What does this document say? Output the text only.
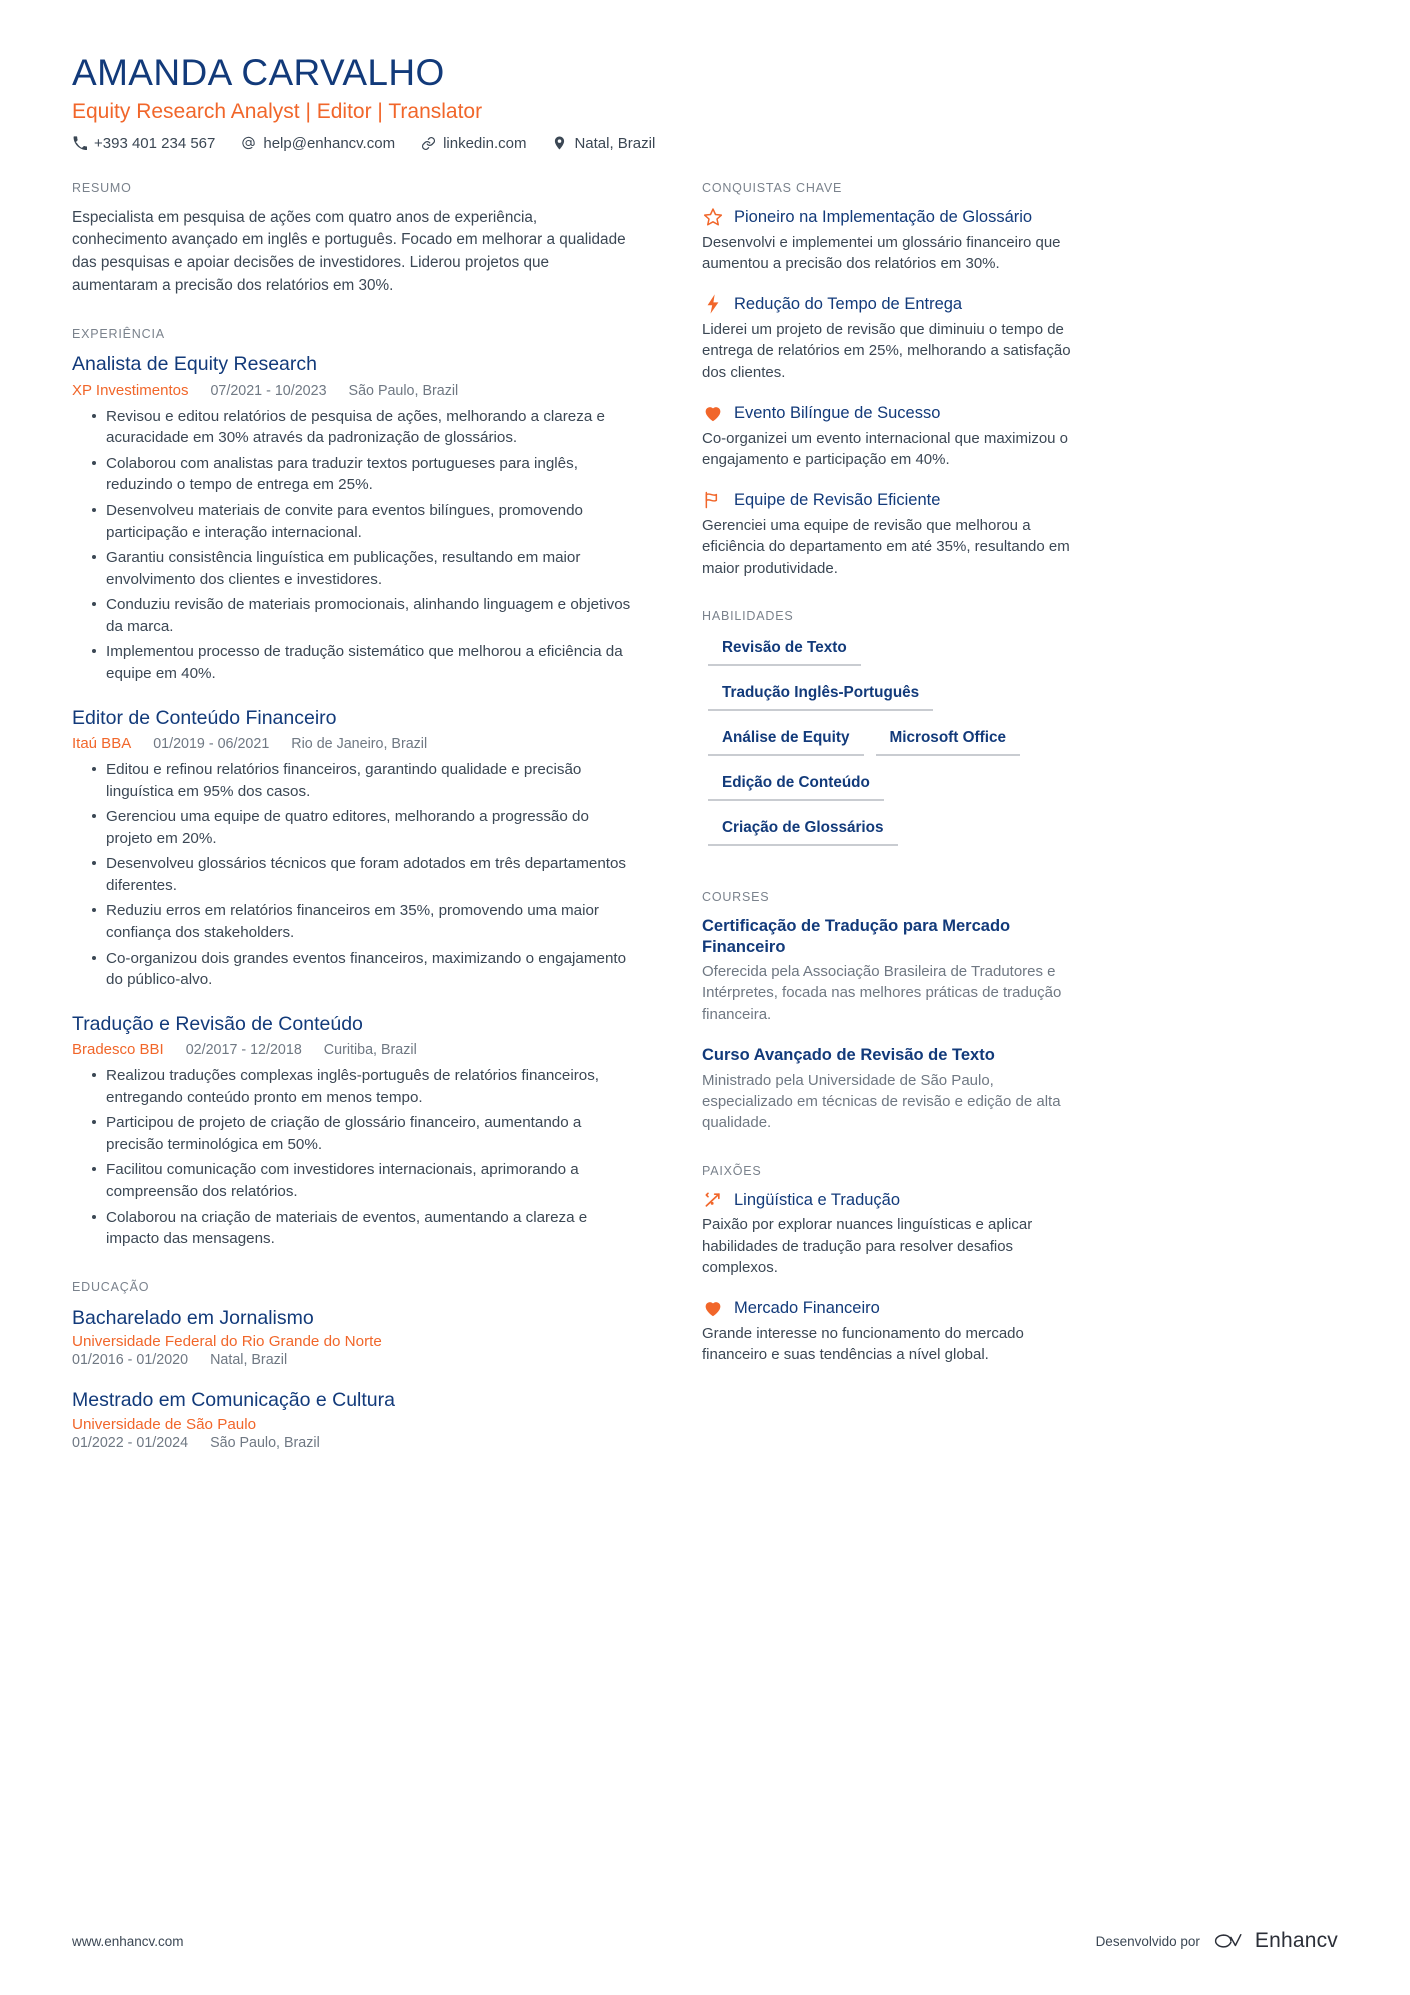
AMANDA CARVALHO
Equity Research Analyst | Editor | Translator
+393 401 234 567	help@enhancv.com	linkedin.com	Natal, Brazil
RESUMO

Especialista em pesquisa de ações com quatro anos de experiência, conhecimento avançado em inglês e português. Focado em melhorar a qualidade das pesquisas e apoiar decisões de investidores. Liderou projetos que aumentaram a precisão dos relatórios em 30%.

EXPERIÊNCIA
Analista de Equity Research
XP Investimentos 07/2021 - 10/2023 São Paulo, Brazil
Revisou e editou relatórios de pesquisa de ações, melhorando a clareza e acuracidade em 30% através da padronização de glossários.
Colaborou com analistas para traduzir textos portugueses para inglês, reduzindo o tempo de entrega em 25%.
Desenvolveu materiais de convite para eventos bilíngues, promovendo participação e interação internacional.
Garantiu consistência linguística em publicações, resultando em maior envolvimento dos clientes e investidores.
Conduziu revisão de materiais promocionais, alinhando linguagem e objetivos da marca.
Implementou processo de tradução sistemático que melhorou a eficiência da equipe em 40%.
Editor de Conteúdo Financeiro
Itaú BBA 01/2019 - 06/2021 Rio de Janeiro, Brazil
Editou e refinou relatórios financeiros, garantindo qualidade e precisão linguística em 95% dos casos.
Gerenciou uma equipe de quatro editores, melhorando a progressão do projeto em 20%.
Desenvolveu glossários técnicos que foram adotados em três departamentos diferentes.
Reduziu erros em relatórios financeiros em 35%, promovendo uma maior confiança dos stakeholders.
Co-organizou dois grandes eventos financeiros, maximizando o engajamento do público-alvo.
Tradução e Revisão de Conteúdo
Bradesco BBI 02/2017 - 12/2018 Curitiba, Brazil
Realizou traduções complexas inglês-português de relatórios financeiros, entregando conteúdo pronto em menos tempo.
Participou de projeto de criação de glossário financeiro, aumentando a precisão terminológica em 50%.
Facilitou comunicação com investidores internacionais, aprimorando a compreensão dos relatórios.
Colaborou na criação de materiais de eventos, aumentando a clareza e impacto das mensagens.
EDUCAÇÃO
Bacharelado em Jornalismo
Universidade Federal do Rio Grande do Norte
01/2016 - 01/2020 Natal, Brazil
Mestrado em Comunicação e Cultura
Universidade de São Paulo
01/2022 - 01/2024 São Paulo, Brazil
CONQUISTAS CHAVE
Pioneiro na Implementação de Glossário

Desenvolvi e implementei um glossário financeiro que aumentou a precisão dos relatórios em 30%.

Redução do Tempo de Entrega

Liderei um projeto de revisão que diminuiu o tempo de entrega de relatórios em 25%, melhorando a satisfação dos clientes.

Evento Bilíngue de Sucesso

Co-organizei um evento internacional que maximizou o engajamento e participação em 40%.

Equipe de Revisão Eficiente

Gerenciei uma equipe de revisão que melhorou a eficiência do departamento em até 35%, resultando em maior produtividade.

HABILIDADES
Revisão de Texto
Tradução Inglês-Português
Análise de Equity	Microsoft Office
Edição de Conteúdo
Criação de Glossários
COURSES
Certificação de Tradução para Mercado Financeiro

Oferecida pela Associação Brasileira de Tradutores e Intérpretes, focada nas melhores práticas de tradução financeira.

Curso Avançado de Revisão de Texto

Ministrado pela Universidade de São Paulo, especializado em técnicas de revisão e edição de alta qualidade.

PAIXÕES
Lingüística e Tradução

Paixão por explorar nuances linguísticas e aplicar habilidades de tradução para resolver desafios complexos.

Mercado Financeiro

Grande interesse no funcionamento do mercado financeiro e suas tendências a nível global.

www.enhancv.com	Desenvolvido por	Enhancv
